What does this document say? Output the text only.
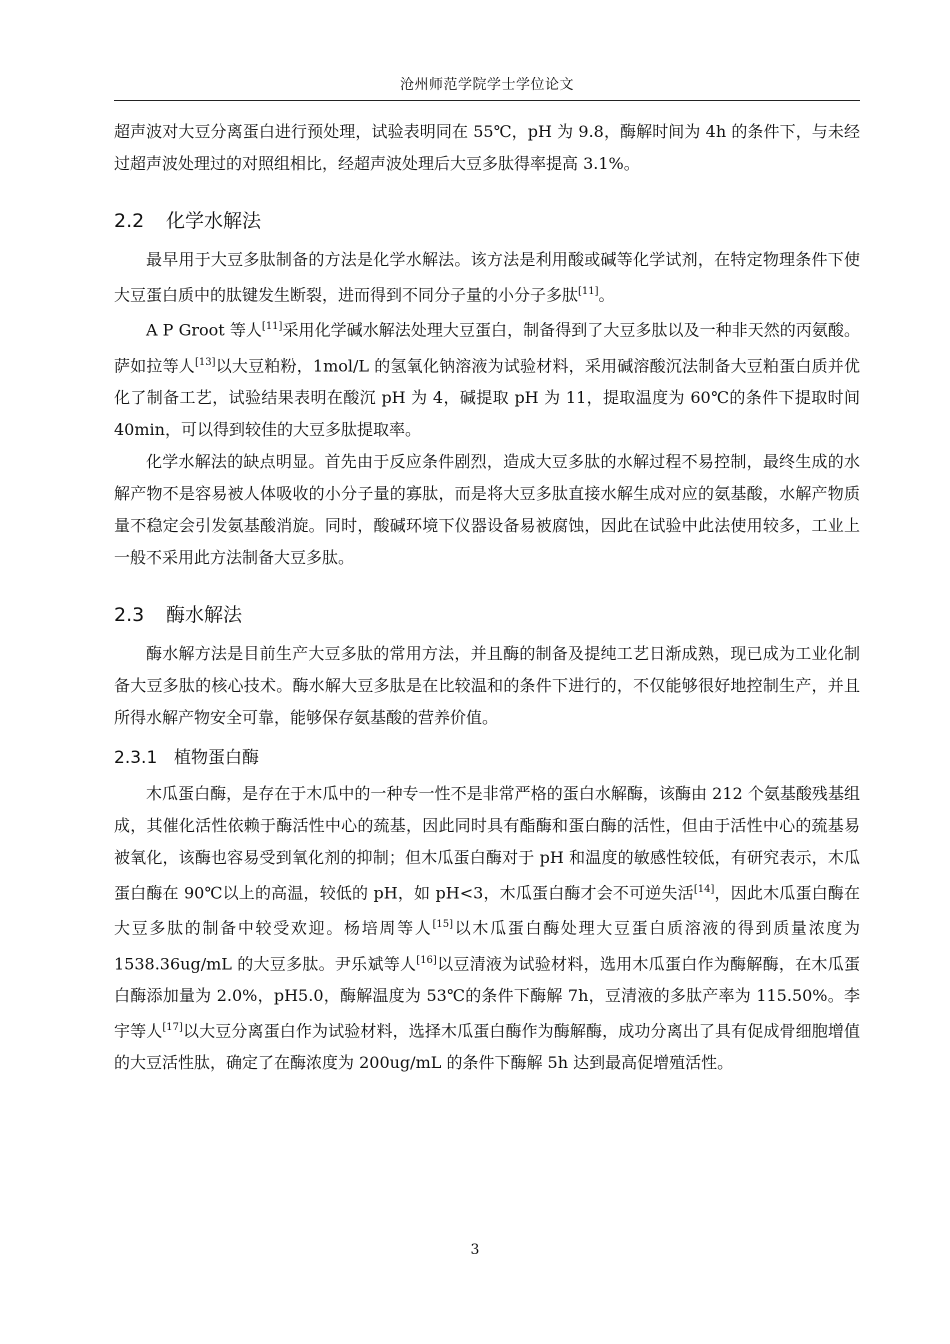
沧州师范学院学士学位论文

超声波对大豆分离蛋白进行预处理，试验表明同在 55℃，pH 为 9.8，酶解时间为 4h 的条件下，与未经过超声波处理过的对照组相比，经超声波处理后大豆多肽得率提高 3.1%。

2.2 化学水解法

最早用于大豆多肽制备的方法是化学水解法。该方法是利用酸或碱等化学试剂，在特定物理条件下使大豆蛋白质中的肽键发生断裂，进而得到不同分子量的小分子多肽[11]。

A P Groot 等人[11]采用化学碱水解法处理大豆蛋白，制备得到了大豆多肽以及一种非天然的丙氨酸。萨如拉等人[13]以大豆粕粉，1mol/L 的氢氧化钠溶液为试验材料，采用碱溶酸沉法制备大豆粕蛋白质并优化了制备工艺，试验结果表明在酸沉 pH 为 4，碱提取 pH 为 11，提取温度为 60℃的条件下提取时间 40min，可以得到较佳的大豆多肽提取率。

化学水解法的缺点明显。首先由于反应条件剧烈，造成大豆多肽的水解过程不易控制，最终生成的水解产物不是容易被人体吸收的小分子量的寡肽，而是将大豆多肽直接水解生成对应的氨基酸，水解产物质量不稳定会引发氨基酸消旋。同时，酸碱环境下仪器设备易被腐蚀，因此在试验中此法使用较多，工业上一般不采用此方法制备大豆多肽。

2.3 酶水解法

酶水解方法是目前生产大豆多肽的常用方法，并且酶的制备及提纯工艺日渐成熟，现已成为工业化制备大豆多肽的核心技术。酶水解大豆多肽是在比较温和的条件下进行的，不仅能够很好地控制生产，并且所得水解产物安全可靠，能够保存氨基酸的营养价值。

2.3.1 植物蛋白酶

木瓜蛋白酶，是存在于木瓜中的一种专一性不是非常严格的蛋白水解酶，该酶由 212 个氨基酸残基组成，其催化活性依赖于酶活性中心的巯基，因此同时具有酯酶和蛋白酶的活性，但由于活性中心的巯基易被氧化，该酶也容易受到氧化剂的抑制；但木瓜蛋白酶对于 pH 和温度的敏感性较低，有研究表示，木瓜蛋白酶在 90℃以上的高温，较低的 pH，如 pH<3，木瓜蛋白酶才会不可逆失活[14]，因此木瓜蛋白酶在大豆多肽的制备中较受欢迎。杨培周等人[15]以木瓜蛋白酶处理大豆蛋白质溶液的得到质量浓度为 1538.36ug/mL 的大豆多肽。尹乐斌等人[16]以豆清液为试验材料，选用木瓜蛋白作为酶解酶，在木瓜蛋白酶添加量为 2.0%，pH5.0，酶解温度为 53℃的条件下酶解 7h，豆清液的多肽产率为 115.50%。李宇等人[17]以大豆分离蛋白作为试验材料，选择木瓜蛋白酶作为酶解酶，成功分离出了具有促成骨细胞增值的大豆活性肽，确定了在酶浓度为 200ug/mL 的条件下酶解 5h 达到最高促增殖活性。

3
